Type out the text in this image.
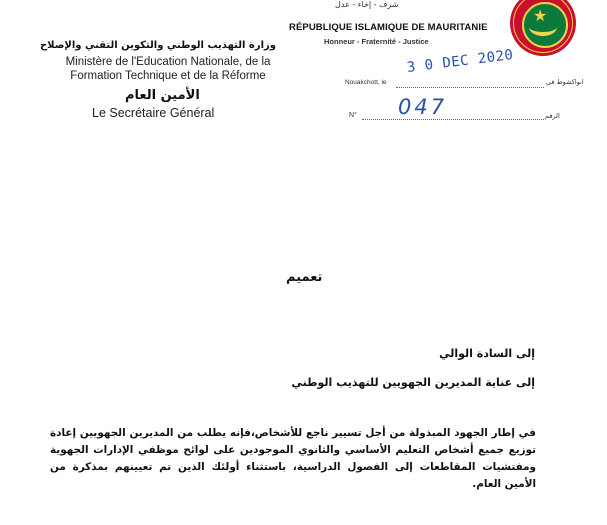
★
شرف - إخاء - عدل
RÉPUBLIQUE ISLAMIQUE DE MAURITANIE
Honneur - Fraternité - Justice
وزارة التهذيب الوطني والتكوين التقني والإصلاح
Ministère de l'Education Nationale, de la Formation Technique et de la Réforme
الأمين العام
Le Secrétaire Général
Nouakchott, le	انواكشوط في
3 0 DEC 2020
N°	الرقم
047
تعميم
إلى السادة الوالي
إلى عناية المديرين الجهويين للتهذيب الوطني
في إطار الجهود المبذولة من أجل تسيير ناجع للأشخاص،فإنه يطلب من المديرين الجهويين إعادة توزيع جميع أشخاص التعليم الأساسي والثانوي الموجودين على لوائح موظفي الإدارات الجهوية ومفتشيات المقاطعات إلى الفصول الدراسية، باستثناء أولئك الذين تم تعيينهم بمذكرة من الأمين العام.
